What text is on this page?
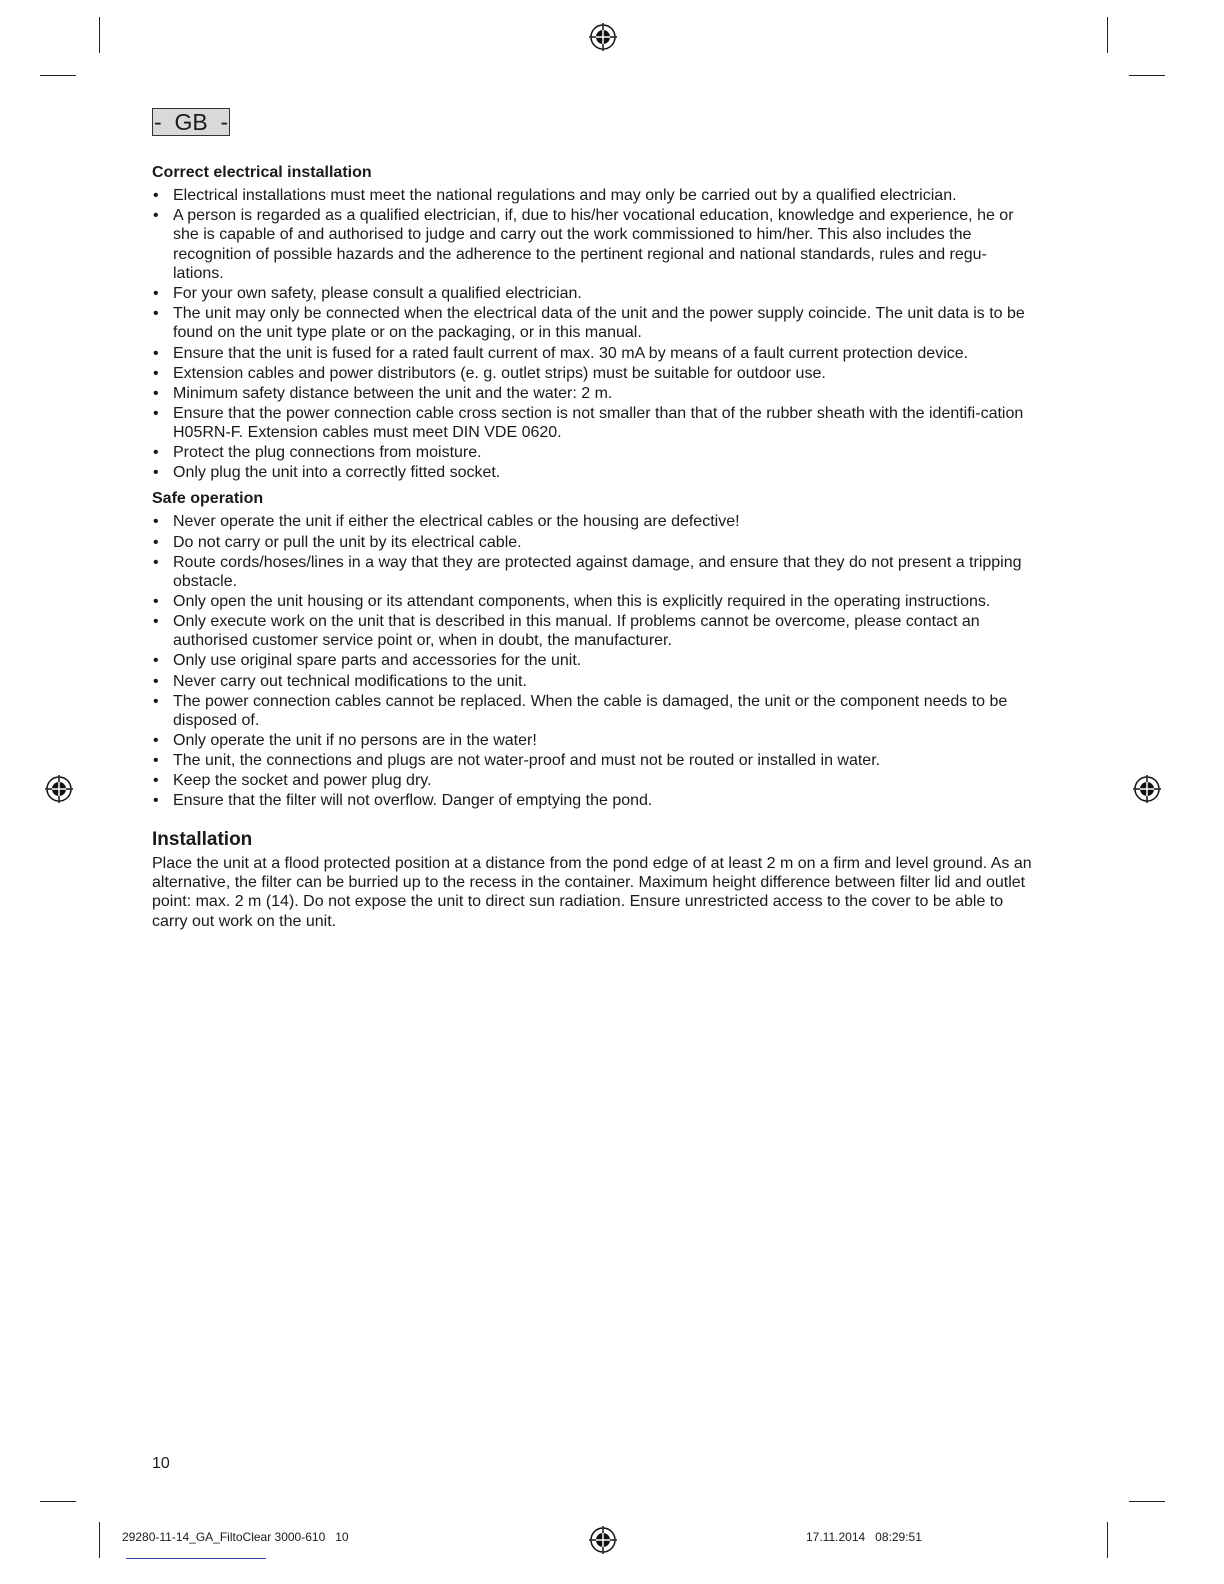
-  GB  -
Correct electrical installation
• Electrical installations must meet the national regulations and may only be carried out by a qualified electrician.
• A person is regarded as a qualified electrician, if, due to his/her vocational education, knowledge and experience, he or she is capable of and authorised to judge and carry out the work commissioned to him/her. This also includes the recognition of possible hazards and the adherence to the pertinent regional and national standards, rules and regu-lations.
• For your own safety, please consult a qualified electrician.
• The unit may only be connected when the electrical data of the unit and the power supply coincide. The unit data is to be found on the unit type plate or on the packaging, or in this manual.
• Ensure that the unit is fused for a rated fault current of max. 30 mA by means of a fault current protection device.
• Extension cables and power distributors (e. g. outlet strips) must be suitable for outdoor use.
• Minimum safety distance between the unit and the water: 2 m.
• Ensure that the power connection cable cross section is not smaller than that of the rubber sheath with the identifi-cation H05RN-F. Extension cables must meet DIN VDE 0620.
• Protect the plug connections from moisture.
• Only plug the unit into a correctly fitted socket.
Safe operation
• Never operate the unit if either the electrical cables or the housing are defective!
• Do not carry or pull the unit by its electrical cable.
• Route cords/hoses/lines in a way that they are protected against damage, and ensure that they do not present a tripping obstacle.
• Only open the unit housing or its attendant components, when this is explicitly required in the operating instructions.
• Only execute work on the unit that is described in this manual. If problems cannot be overcome, please contact an authorised customer service point or, when in doubt, the manufacturer.
• Only use original spare parts and accessories for the unit.
• Never carry out technical modifications to the unit.
• The power connection cables cannot be replaced. When the cable is damaged, the unit or the component needs to be disposed of.
• Only operate the unit if no persons are in the water!
• The unit, the connections and plugs are not water-proof and must not be routed or installed in water.
• Keep the socket and power plug dry.
• Ensure that the filter will not overflow. Danger of emptying the pond.
Installation

Place the unit at a flood protected position at a distance from the pond edge of at least 2 m on a firm and level ground. As an alternative, the filter can be burried up to the recess in the container. Maximum height difference between filter lid and outlet point: max. 2 m (14). Do not expose the unit to direct sun radiation. Ensure unrestricted access to the cover to be able to carry out work on the unit.

10
29280-11-14_GA_FiltoClear 3000-610   10	17.11.2014   08:29:51
